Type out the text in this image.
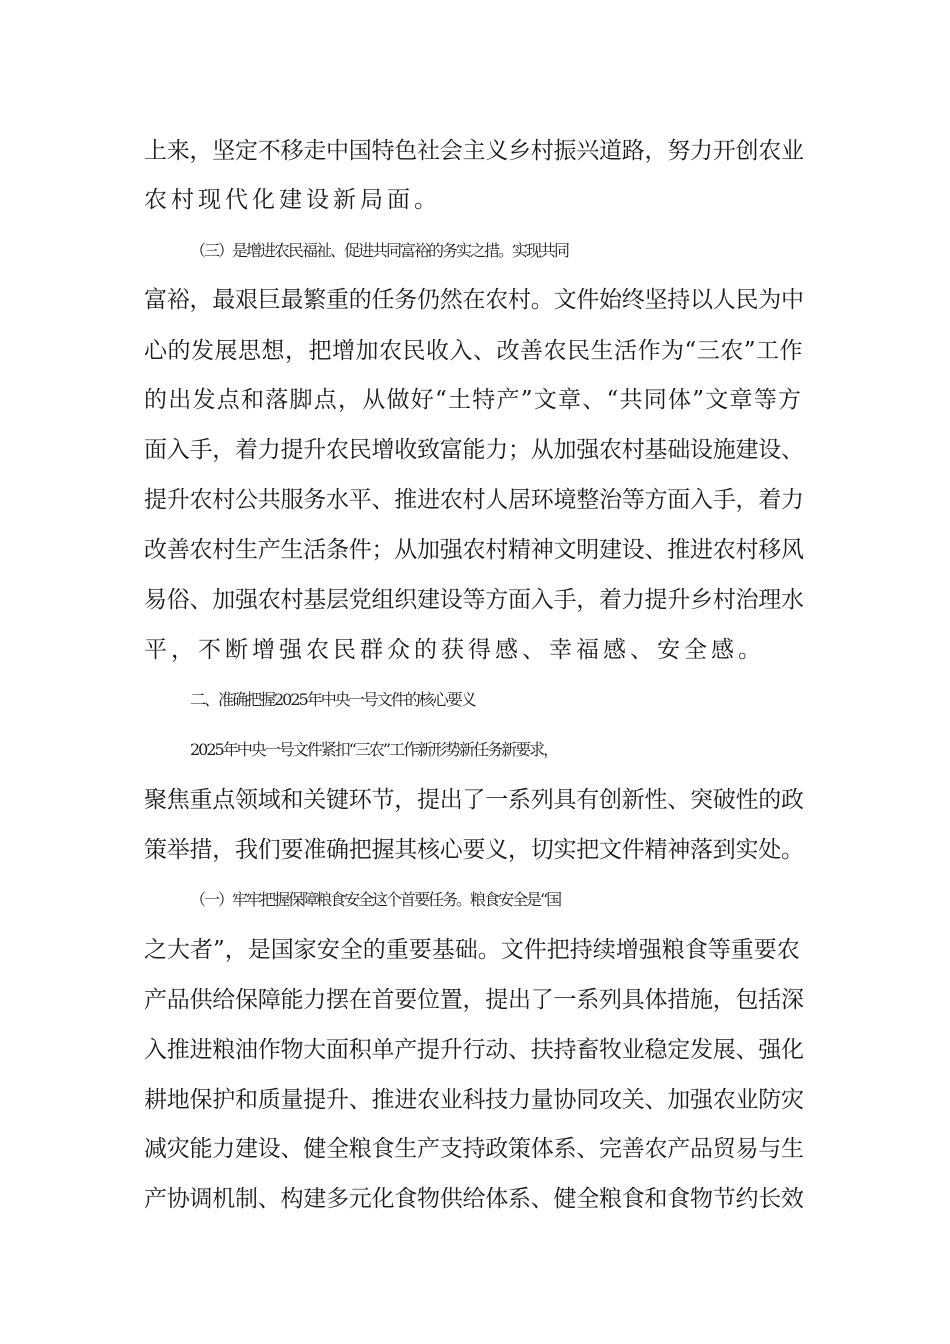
上来，坚定不移走中国特色社会主义乡村振兴道路，努力开创农业
农村现代化建设新局面。
（三）是增进农民福祉、促进共同富裕的务实之措。实现共同
富裕，最艰巨最繁重的任务仍然在农村。文件始终坚持以人民为中
心的发展思想，把增加农民收入、改善农民生活作为“三农”工作
的出发点和落脚点，从做好“土特产”文章、“共同体”文章等方
面入手，着力提升农民增收致富能力；从加强农村基础设施建设、
提升农村公共服务水平、推进农村人居环境整治等方面入手，着力
改善农村生产生活条件；从加强农村精神文明建设、推进农村移风
易俗、加强农村基层党组织建设等方面入手，着力提升乡村治理水
平，不断增强农民群众的获得感、幸福感、安全感。
二、准确把握2025年中央一号文件的核心要义
2025年中央一号文件紧扣“三农”工作新形势新任务新要求，
聚焦重点领域和关键环节，提出了一系列具有创新性、突破性的政
策举措，我们要准确把握其核心要义，切实把文件精神落到实处。
（一）牢牢把握保障粮食安全这个首要任务。粮食安全是“国
之大者”，是国家安全的重要基础。文件把持续增强粮食等重要农
产品供给保障能力摆在首要位置，提出了一系列具体措施，包括深
入推进粮油作物大面积单产提升行动、扶持畜牧业稳定发展、强化
耕地保护和质量提升、推进农业科技力量协同攻关、加强农业防灾
减灾能力建设、健全粮食生产支持政策体系、完善农产品贸易与生
产协调机制、构建多元化食物供给体系、健全粮食和食物节约长效
